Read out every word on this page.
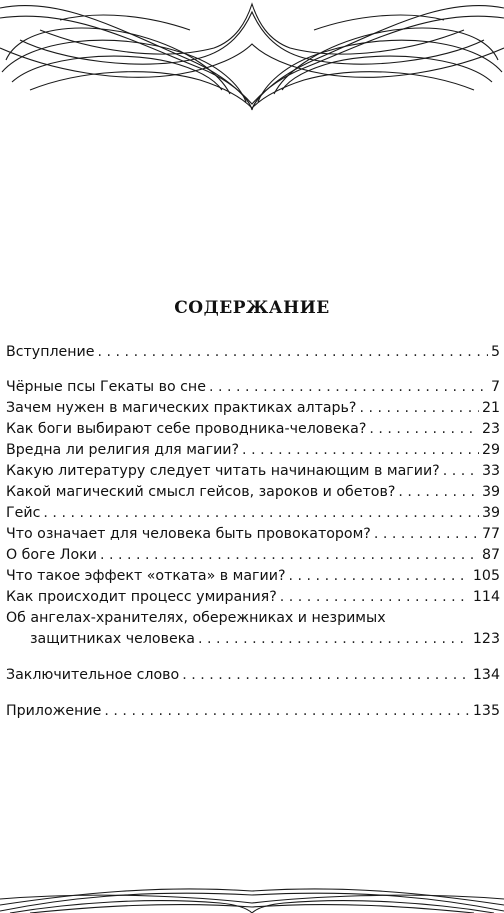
СОДЕРЖАНИЕ
Вступление . . .	5
Чёрные псы Гекаты во сне . . .	7
Зачем нужен в магических практиках алтарь? . . .	21
Как боги выбирают себе проводника-человека? . . .	23
Вредна ли религия для магии? . . .	29
Какую литературу следует читать начинающим в магии? . . .	33
Какой магический смысл гейсов, зароков и обетов? . . .	39
Гейс . . .	39
Что означает для человека быть провокатором? . . .	77
О боге Локи . . .	87
Что такое эффект «отката» в магии? . . .	105
Как происходит процесс умирания? . . .	114
Об ангелах-хранителях, обережниках и незримых
защитниках человека . . .	123
Заключительное слово . . .	134
Приложение . . .	135
